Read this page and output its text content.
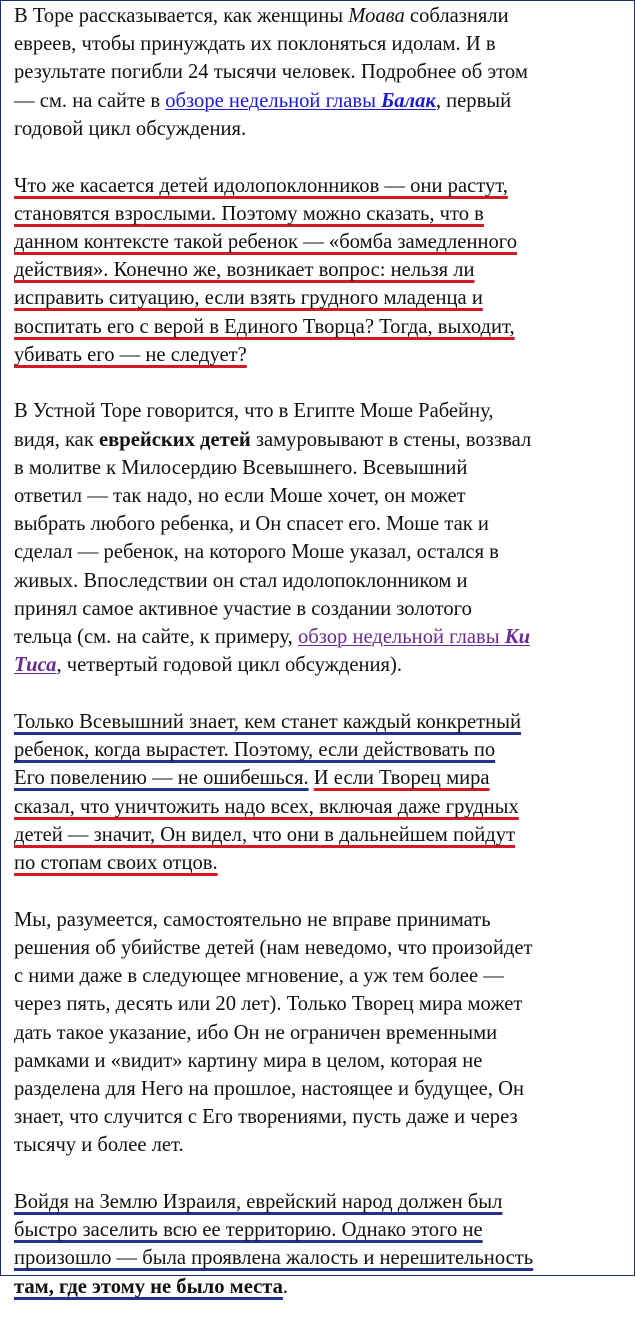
В Торе рассказывается, как женщины Моава соблазняли
евреев, чтобы принуждать их поклоняться идолам. И в
результате погибли 24 тысячи человек. Подробнее об этом
— см. на сайте в обзоре недельной главы Балак, первый
годовой цикл обсуждения.

Что же касается детей идолопоклонников — они растут,
становятся взрослыми. Поэтому можно сказать, что в
данном контексте такой ребенок — «бомба замедленного
действия». Конечно же, возникает вопрос: нельзя ли
исправить ситуацию, если взять грудного младенца и
воспитать его с верой в Единого Творца? Тогда, выходит,
убивать его — не следует?

В Устной Торе говорится, что в Египте Моше Рабейну,
видя, как еврейских детей замуровывают в стены, воззвал
в молитве к Милосердию Всевышнего. Всевышний
ответил — так надо, но если Моше хочет, он может
выбрать любого ребенка, и Он спасет его. Моше так и
сделал — ребенок, на которого Моше указал, остался в
живых. Впоследствии он стал идолопоклонником и
принял самое активное участие в создании золотого
тельца (см. на сайте, к примеру, обзор недельной главы Ки
Тиса, четвертый годовой цикл обсуждения).

Только Всевышний знает, кем станет каждый конкретный
ребенок, когда вырастет. Поэтому, если действовать по
Его повелению — не ошибешься. И если Творец мира
сказал, что уничтожить надо всех, включая даже грудных
детей — значит, Он видел, что они в дальнейшем пойдут
по стопам своих отцов.

Мы, разумеется, самостоятельно не вправе принимать
решения об убийстве детей (нам неведомо, что произойдет
с ними даже в следующее мгновение, а уж тем более —
через пять, десять или 20 лет). Только Творец мира может
дать такое указание, ибо Он не ограничен временными
рамками и «видит» картину мира в целом, которая не
разделена для Него на прошлое, настоящее и будущее, Он
знает, что случится с Его творениями, пусть даже и через
тысячу и более лет.

Войдя на Землю Израиля, еврейский народ должен был
быстро заселить всю ее территорию. Однако этого не
произошло — была проявлена жалость и нерешительность
там, где этому не было места.
